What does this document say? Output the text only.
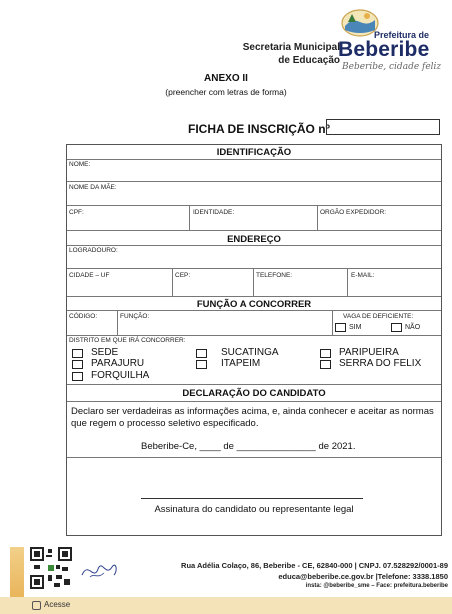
Secretaria Municipal
de Educação
Prefeitura de
Beberibe
Beberibe, cidade feliz
ANEXO II
(preencher com letras de forma)
FICHA DE INSCRIÇÃO nº
IDENTIFICAÇÃO
NOME:
NOME DA MÃE:
CPF:	IDENTIDADE:	ORGÃO EXPEDIDOR:
ENDEREÇO
LOGRADOURO:
CIDADE – UF	CEP:	TELEFONE:	E-MAIL:
FUNÇÃO A CONCORRER
CÓDIGO:	FUNÇÃO:	VAGA DE DEFICIENTE:
SIM	NÃO
DISTRITO EM QUE IRÁ CONCORRER:
SEDE
PARAJURU
FORQUILHA
SUCATINGA
ITAPEIM
PARIPUEIRA
SERRA DO FELIX
DECLARAÇÃO DO CANDIDATO
Declaro ser verdadeiras as informações acima, e, ainda conhecer e aceitar as normas que regem o processo seletivo especificado.
Beberibe-Ce, ____ de _______________ de 2021.
Assinatura do candidato ou representante legal
Rua Adélia Colaço, 86, Beberibe - CE, 62840-000 | CNPJ. 07.528292/0001-89
educa@beberibe.ce.gov.br |Telefone: 3338.1850
insta: @beberibe_sme – Face: prefeitura.beberibe
Acesse
